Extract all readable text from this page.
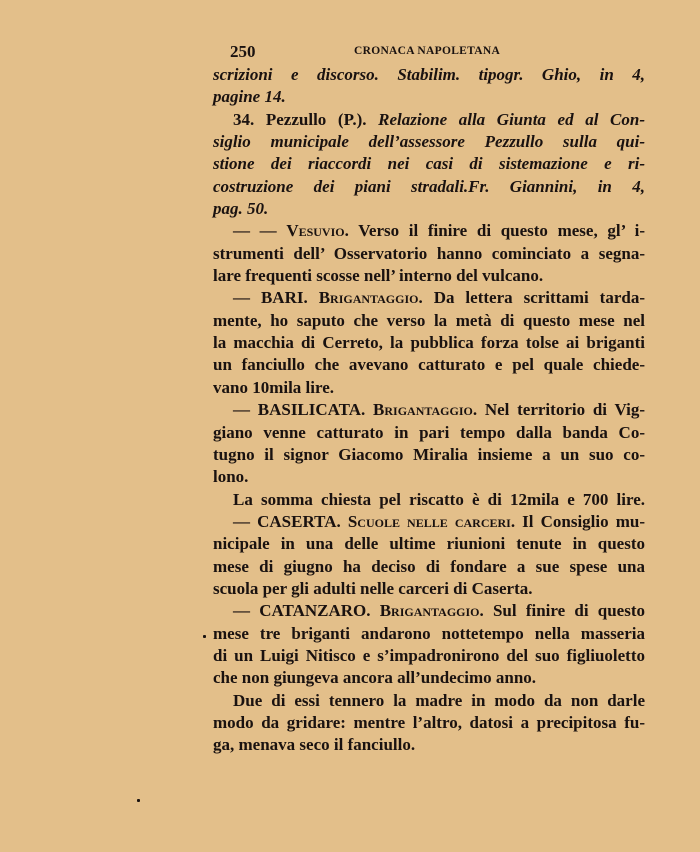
250	CRONACA NAPOLETANA
scrizioni e discorso. Stabilim. tipogr. Ghio, in 4,
pagine 14.
34. Pezzullo (P.). Relazione alla Giunta ed al Con-
siglio municipale dell’assessore Pezzullo sulla qui-
stione dei riaccordi nei casi di sistemazione e ri-
costruzione dei piani stradali.Fr. Giannini, in 4,
pag. 50.
— — Vesuvio. Verso il finire di questo mese, gl’ i-
strumenti dell’ Osservatorio hanno cominciato a segna-
lare frequenti scosse nell’ interno del vulcano.
— BARI. Brigantaggio. Da lettera scrittami tarda-
mente, ho saputo che verso la metà di questo mese nel
la macchia di Cerreto, la pubblica forza tolse ai briganti
un fanciullo che avevano catturato e pel quale chiede-
vano 10mila lire.
— BASILICATA. Brigantaggio. Nel territorio di Vig-
giano venne catturato in pari tempo dalla banda Co-
tugno il signor Giacomo Miralia insieme a un suo co-
lono.
La somma chiesta pel riscatto è di 12mila e 700 lire.
— CASERTA. Scuole nelle carceri. Il Consiglio mu-
nicipale in una delle ultime riunioni tenute in questo
mese di giugno ha deciso di fondare a sue spese una
scuola per gli adulti nelle carceri di Caserta.
— CATANZARO. Brigantaggio. Sul finire di questo
mese tre briganti andarono nottetempo nella masseria
di un Luigi Nitisco e s’impadronirono del suo figliuoletto
che non giungeva ancora all’undecimo anno.
Due di essi tennero la madre in modo da non darle
modo da gridare: mentre l’altro, datosi a precipitosa fu-
ga, menava seco il fanciullo.
